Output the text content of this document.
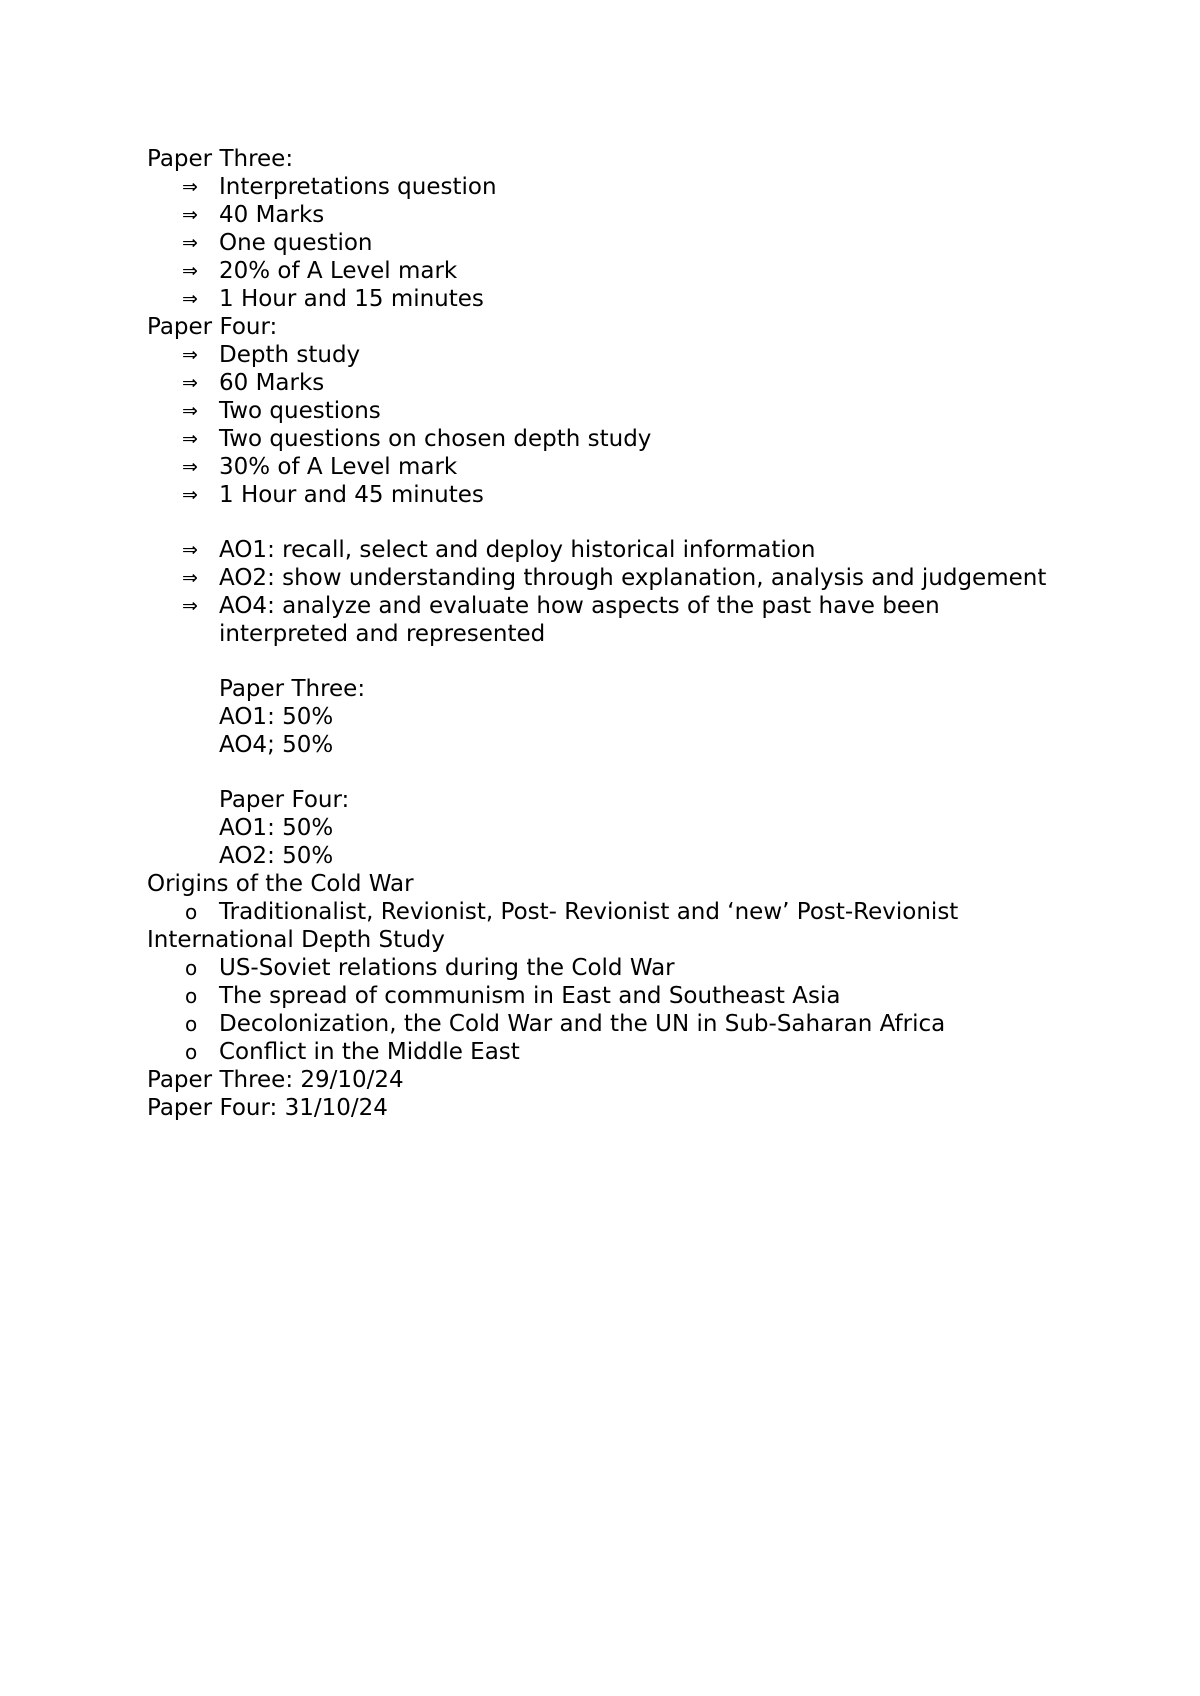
Paper Three:
⇒ Interpretations question
⇒ 40 Marks
⇒ One question
⇒ 20% of A Level mark
⇒ 1 Hour and 15 minutes
Paper Four:
⇒ Depth study
⇒ 60 Marks
⇒ Two questions
⇒ Two questions on chosen depth study
⇒ 30% of A Level mark
⇒ 1 Hour and 45 minutes
⇒ AO1: recall, select and deploy historical information
⇒ AO2: show understanding through explanation, analysis and judgement
⇒ AO4: analyze and evaluate how aspects of the past have been interpreted and represented
Paper Three:
AO1: 50%
AO4; 50%
Paper Four:
AO1: 50%
AO2: 50%
Origins of the Cold War
o Traditionalist, Revionist, Post- Revionist and ‘new’ Post-Revionist
International Depth Study
o US-Soviet relations during the Cold War
o The spread of communism in East and Southeast Asia
o Decolonization, the Cold War and the UN in Sub-Saharan Africa
o Conflict in the Middle East
Paper Three: 29/10/24
Paper Four: 31/10/24
